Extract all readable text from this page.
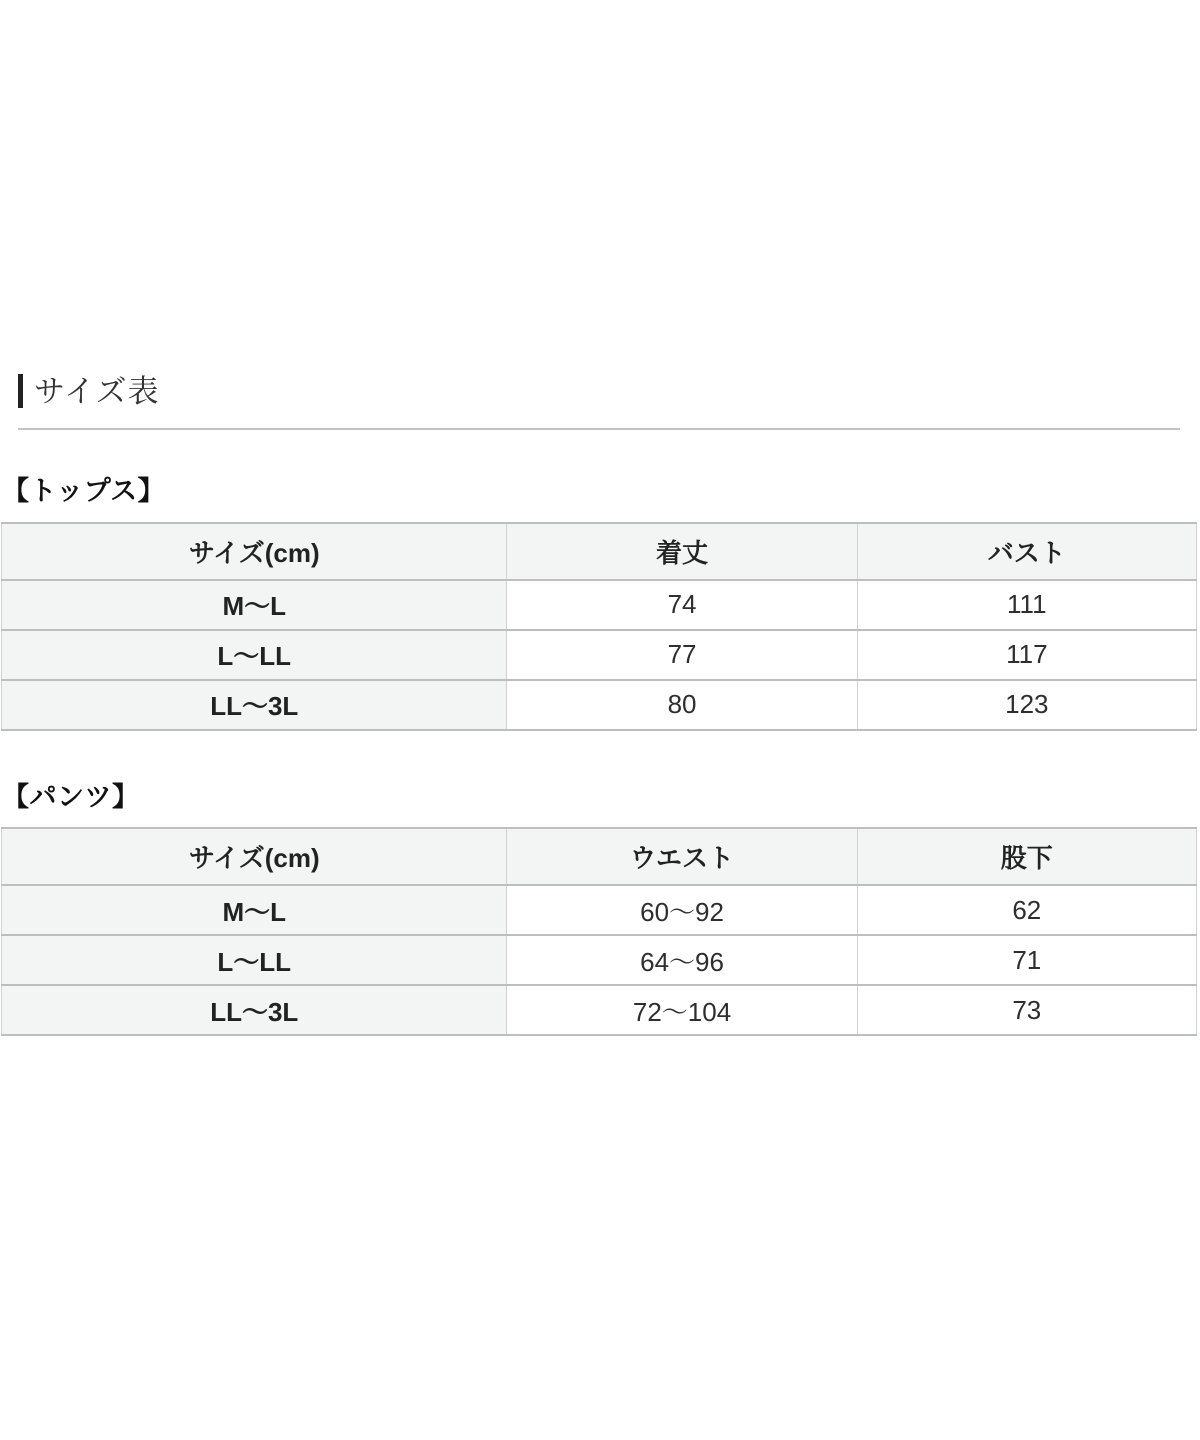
サイズ表
【トップス】
サイズ(cm)	着丈	バスト
M〜L	74	111
L〜LL	77	117
LL〜3L	80	123
【パンツ】
サイズ(cm)	ウエスト	股下
M〜L	60〜92	62
L〜LL	64〜96	71
LL〜3L	72〜104	73
